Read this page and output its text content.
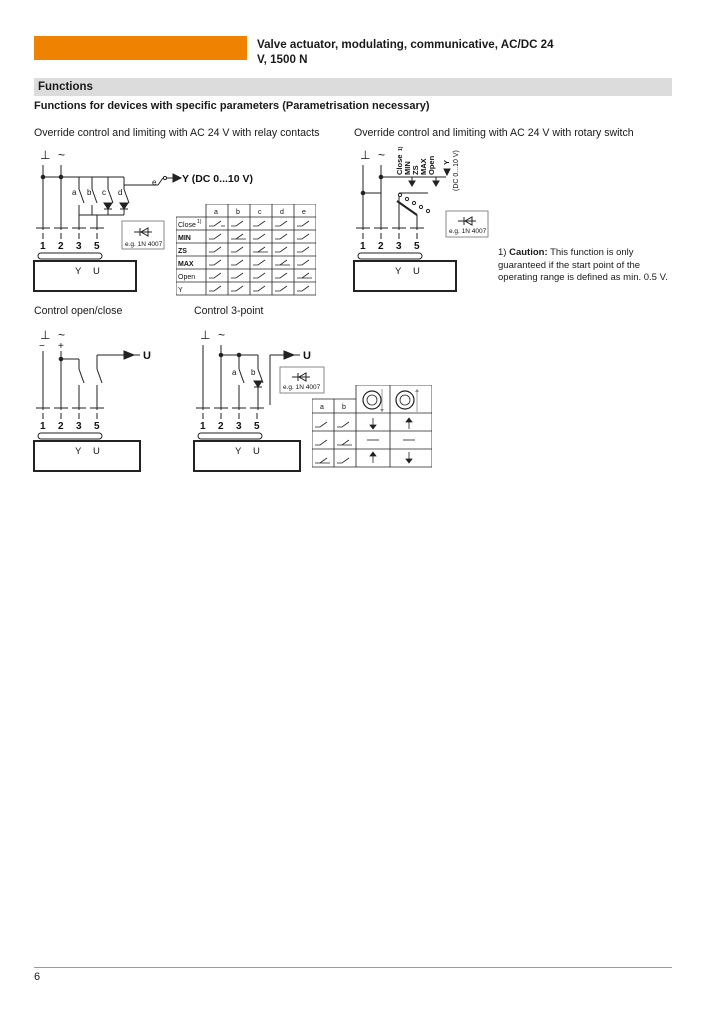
Valve actuator, modulating, communicative, AC/DC 24
V, 1500 N
Functions
Functions for devices with specific parameters (Parametrisation necessary)
Override control and limiting with AC 24 V with relay contacts	Override control and limiting with AC 24 V with rotary switch
Control open/close	Control 3-point
⊥ ~
a b c d
e Y (DC 0...10 V)
e.g. 1N 4007
1 2 3 5
Y U
a	b	c	d	e
Close 1)
MIN
ZS
MAX
Open
Y
⊥ ~ Close
1)
MIN ZS MAX Open Y (DC 0...10 V)
e.g. 1N 4007
1 2 3 5
Y U
1) Caution: This function is only guaranteed if the start point of the operating range is defined as min. 0.5 V.
⊥ ~
− +
U
1 2 3 5
Y U
⊥ ~
a b
U
e.g. 1N 4007
1 2 3 5
Y U
a	b
6
